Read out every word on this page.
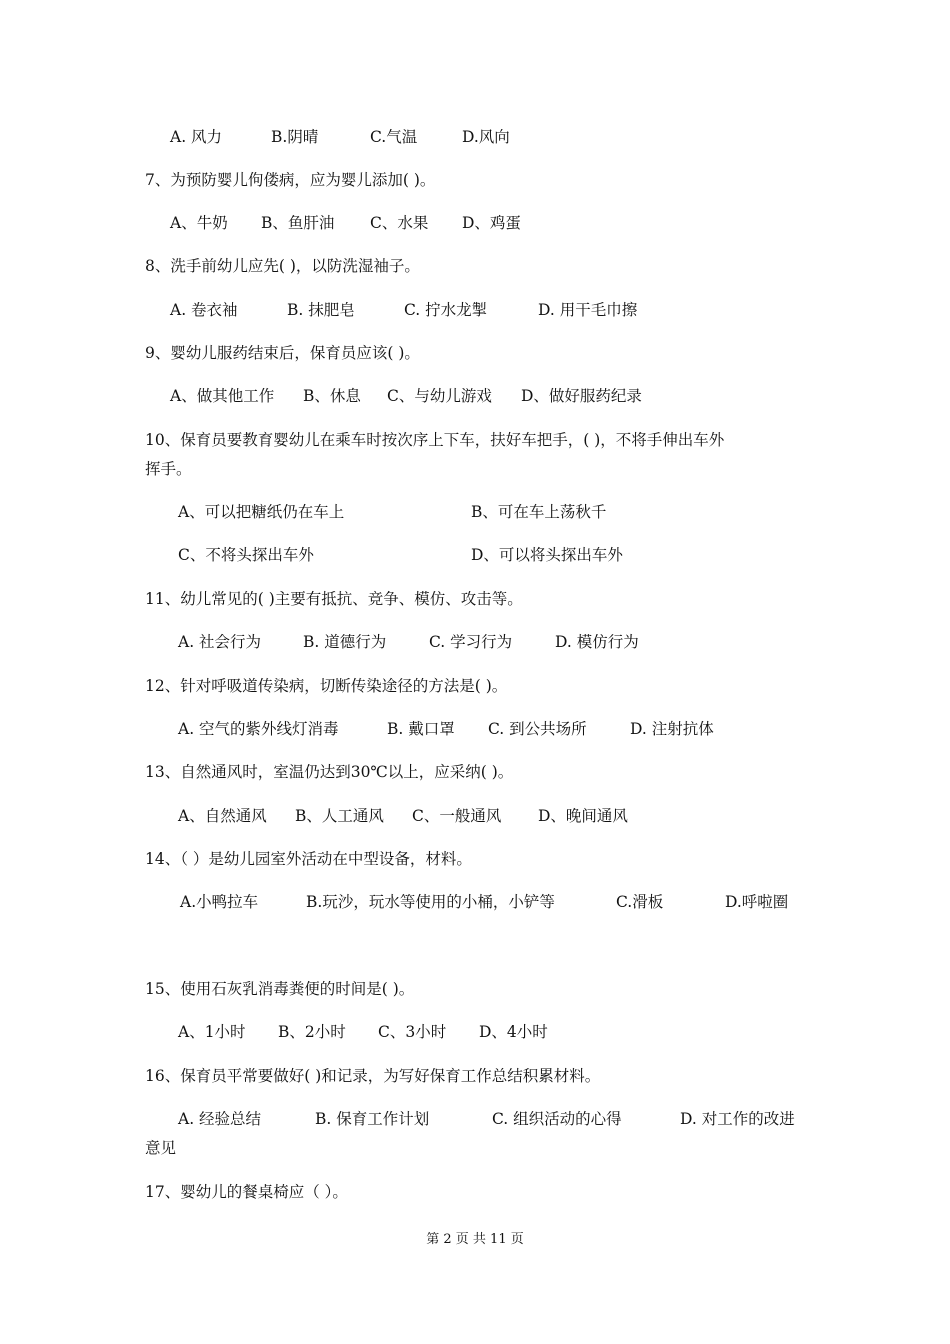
A. 风力	B.阴晴	C.气温	D.风向
7、为预防婴儿佝偻病，应为婴儿添加( )。
A、牛奶 B、鱼肝油 C、水果 D、鸡蛋
8、洗手前幼儿应先( )，以防洗湿袖子。
A. 卷衣袖	B. 抹肥皂	C. 拧水龙掣	D. 用干毛巾擦
9、婴幼儿服药结束后，保育员应该( )。
A、做其他工作 B、休息 C、与幼儿游戏 D、做好服药纪录
10、保育员要教育婴幼儿在乘车时按次序上下车，扶好车把手，( )，不将手伸出车外
挥手。
A、可以把糖纸仍在车上	B、可在车上荡秋千
C、不将头探出车外	D、可以将头探出车外
11、幼儿常见的( )主要有抵抗、竞争、模仿、攻击等。
A. 社会行为	B. 道德行为	C. 学习行为	D. 模仿行为
12、针对呼吸道传染病，切断传染途径的方法是( )。
A. 空气的紫外线灯消毒	B. 戴口罩 C. 到公共场所	D. 注射抗体
13、自然通风时，室温仍达到30℃以上，应采纳( )。
A、自然通风 B、人工通风 C、一般通风 D、晚间通风
14、（ ）是幼儿园室外活动在中型设备，材料。
A.小鸭拉车	B.玩沙，玩水等使用的小桶，小铲等	C.滑板	D.呼啦圈
15、使用石灰乳消毒粪便的时间是( )。
A、1小时 B、2小时 C、3小时 D、4小时
16、保育员平常要做好( )和记录，为写好保育工作总结积累材料。
A. 经验总结	B. 保育工作计划	C. 组织活动的心得	D. 对工作的改进
意见
17、婴幼儿的餐桌椅应（ ）。
第 2 页 共 11 页
